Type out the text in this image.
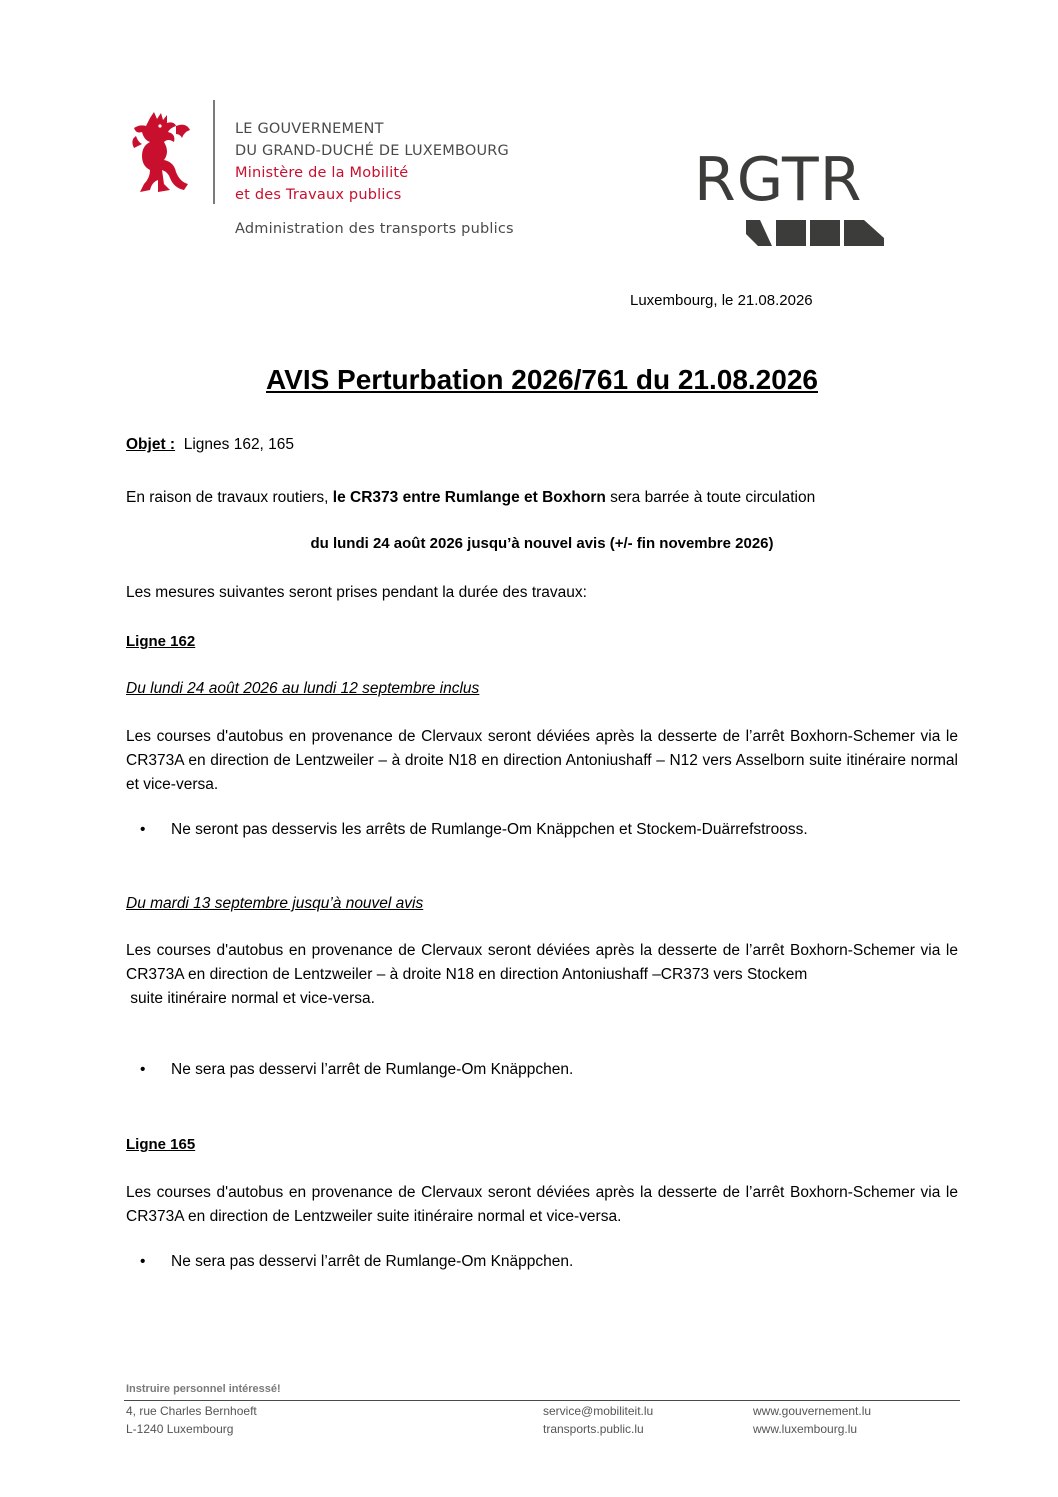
LE GOUVERNEMENT
DU GRAND-DUCHÉ DE LUXEMBOURG
Ministère de la Mobilité
et des Travaux publics
Administration des transports publics
RGTR
Luxembourg, le 21.08.2026
AVIS Perturbation 2026/761 du 21.08.2026
Objet : Lignes 162, 165
En raison de travaux routiers, le CR373 entre Rumlange et Boxhorn sera barrée à toute circulation
du lundi 24 août 2026 jusqu’à nouvel avis (+/- fin novembre 2026)
Les mesures suivantes seront prises pendant la durée des travaux:
Ligne 162
Du lundi 24 août 2026 au lundi 12 septembre inclus
Les courses d'autobus en provenance de Clervaux seront déviées après la desserte de l’arrêt Boxhorn-Schemer via le CR373A en direction de Lentzweiler – à droite N18 en direction Antoniushaff – N12 vers Asselborn suite itinéraire normal et vice-versa.
• Ne seront pas desservis les arrêts de Rumlange-Om Knäppchen et Stockem-Duärrefstrooss.
Du mardi 13 septembre jusqu’à nouvel avis
Les courses d'autobus en provenance de Clervaux seront déviées après la desserte de l’arrêt Boxhorn-Schemer via le CR373A en direction de Lentzweiler – à droite N18 en direction Antoniushaff –CR373 vers Stockem
suite itinéraire normal et vice-versa.
• Ne sera pas desservi l’arrêt de Rumlange-Om Knäppchen.
Ligne 165
Les courses d'autobus en provenance de Clervaux seront déviées après la desserte de l’arrêt Boxhorn-Schemer via le CR373A en direction de Lentzweiler suite itinéraire normal et vice-versa.
• Ne sera pas desservi l’arrêt de Rumlange-Om Knäppchen.
Instruire personnel intéressé!
4, rue Charles Bernhoeft
L-1240 Luxembourg
service@mobiliteit.lu
transports.public.lu
www.gouvernement.lu
www.luxembourg.lu
